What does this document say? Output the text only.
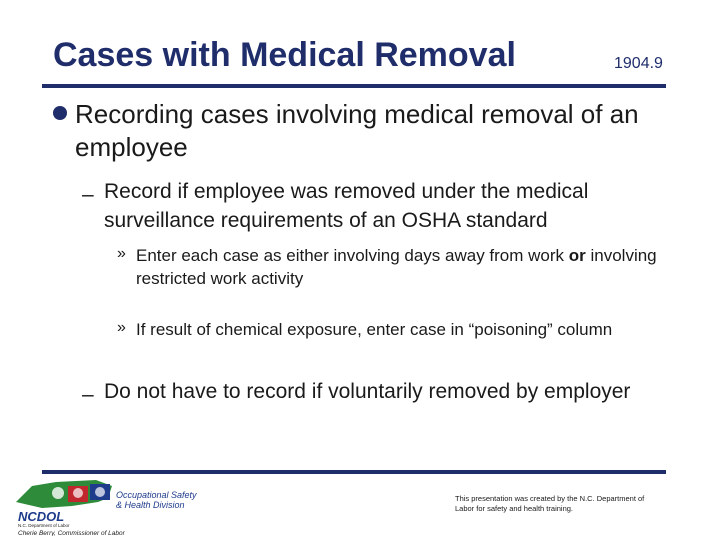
Cases with Medical Removal	1904.9
Recording cases involving medical removal of an employee
– Record if employee was removed under the medical surveillance requirements of an OSHA standard
» Enter each case as either involving days away from work or involving restricted work activity
» If result of chemical exposure, enter case in “poisoning” column
– Do not have to record if voluntarily removed by employer
NCDOL
N.C. Department of Labor
Occupational Safety
& Health Division
Cherie Berry, Commissioner of Labor
This presentation was created by the N.C. Department of Labor for safety and health training.
